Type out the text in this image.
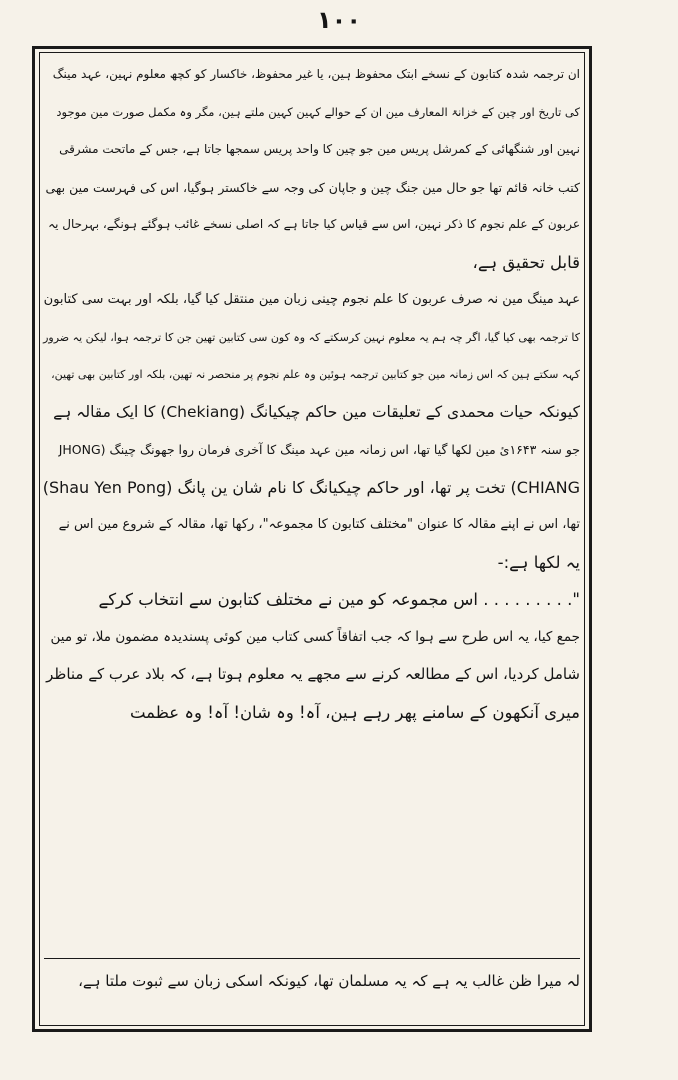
١٠٠
ان ترجمہ شدہ کتابون کے نسخے ابتک محفوظ ہین، یا غیر محفوظ، خاکسار کو کچھ معلوم نہین، عہد مینگ
کی تاریخ اور چین کے خزانۃ المعارف مین ان کے حوالے کہین کہین ملتے ہین، مگر وہ مکمل صورت مین موجود
نہین اور شنگھائی کے کمرشل پریس مین جو چین کا واحد پریس سمجھا جاتا ہے، جس کے ماتحت مشرقی
کتب خانہ قائم تھا جو حال مین جنگ چین و جاپان کی وجہ سے خاکستر ہوگیا، اس کی فہرست مین بھی
عربون کے علم نجوم کا ذکر نہین، اس سے قیاس کیا جاتا ہے کہ اصلی نسخے غائب ہوگئے ہونگے، بہرحال یہ
قابل تحقیق ہے،
عہد مینگ مین نہ صرف عربون کا علم نجوم چینی زبان مین منتقل کیا گیا، بلکہ اور بہت سی کتابون
کا ترجمہ بھی کیا گیا، اگر چہ ہم یہ معلوم نہین کرسکتے کہ وہ کون سی کتابین تھین جن کا ترجمہ ہوا، لیکن یہ ضرور
کہہ سکتے ہین کہ اس زمانہ مین جو کتابین ترجمہ ہوئین وہ علم نجوم پر منحصر نہ تھین، بلکہ اور کتابین بھی تھین،
کیونکہ حیات محمدی کے تعلیقات مین حاکم چیکیانگ (Chekiang) کا ایک مقالہ ہے
جو سنہ ۱۶۴۳ئ مین لکھا گیا تھا، اس زمانہ مین عہد مینگ کا آخری فرمان روا جھونگ چینگ (JHONG
CHIANG) تخت پر تھا، اور حاکم چیکیانگ کا نام شان ین پانگ (Shau Yen Pong)
تھا، اس نے اپنے مقالہ کا عنوان "مختلف کتابون کا مجموعہ"، رکھا تھا، مقالہ کے شروع مین اس نے
یہ لکھا ہے:-
". . . . . . . . . اس مجموعہ کو مین نے مختلف کتابون سے انتخاب کرکے
جمع کیا، یہ اس طرح سے ہوا کہ جب اتفاقاً کسی کتاب مین کوئی پسندیدہ مضمون ملا، تو مین
شامل کردیا، اس کے مطالعہ کرنے سے مجھے یہ معلوم ہوتا ہے، کہ بلاد عرب کے مناظر
میری آنکھون کے سامنے پھر رہے ہین، آہ! وہ شان! آہ! وہ عظمت
لہ میرا ظن غالب یہ ہے کہ یہ مسلمان تھا، کیونکہ اسکی زبان سے ثبوت ملتا ہے،
